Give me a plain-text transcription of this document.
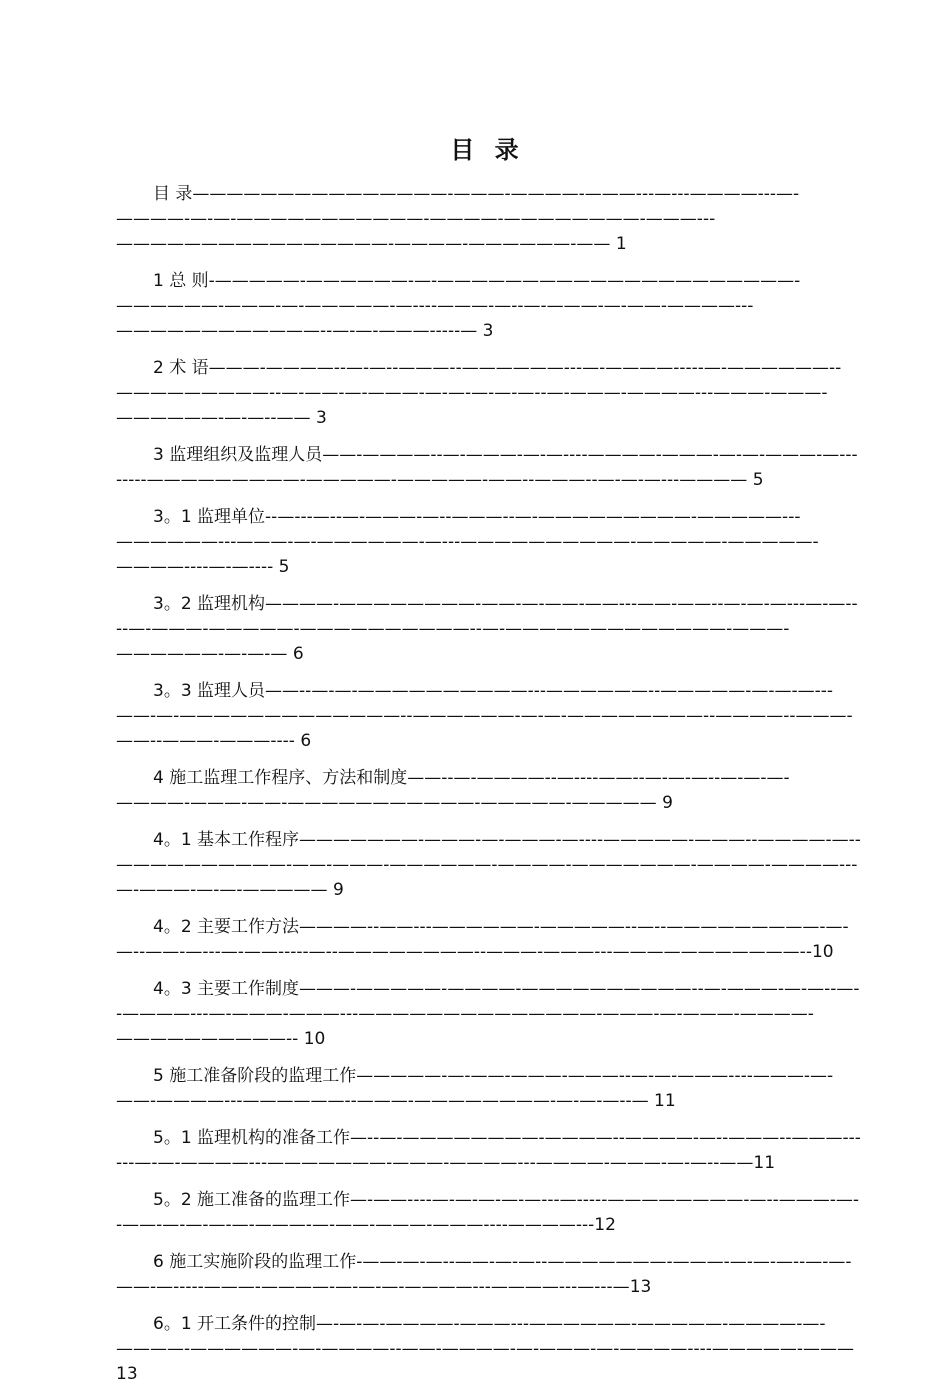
目 录

目 录———————————————-———-————-———---—---————---—-————-—-—-———————————-————-————————-———---————————————————-————-——————-—— 1

1 总 则-—————-——————-—-—————————————————————-——————-———-—-—————-—----———-—--—-———-—-——-————---————————————--—-—-———-----— 3

2 术 语———-————--—-—--———--——————---—-————-----—-——————--—————————--—-——-—-———-—-—-—-—-—--—-———-————---———-———-——————-—-—--—— 3

3 监理组织及监理人员——-————--—-———-—-—----————-———-—-—-———-—--------—————————-—————-—————-——--———--—-—-—---———— 5

3。1 监理单位--—---—--—-———-—--———--—-—————————-—————---——————---———-—-——————-—---——————————-—————-—————-————----—-—---- 5

3。2 监理机构————-————————-——-—-——-——---——-——--—-—-—---—-—----—-———-—————-——————————--—-—————————————-———-——————-—-—-— 6

3。3 监理人员——--—-—-——————————---——————--—————-—-—-—---——-—-—————————————--——————-—-—-————————--————--———-——--———-———---- 6

4 施工监理工作程序、方法和制度——--—-————--—----——--—-—-—--—-—-—-————-———-——-———————————-—————-————— 9

4。1 基本工作程序———————-———-—-———-—----—————-———--————-—--——————————-——-———-——————-————-———————-————-————---—-———-—-—-————— 9

4。2 主要工作方法————--——---——————-—————--—--—————————-—-—--——-—---—-——-----—--————————--———-———---———————————--10

4。3 主要工作制度———-—————-————-——————————--—-———-—-—--—--————---—-———-———---——————————————-———-—-———-————-——————————-- 10

5 施工准备阶段的监理工作—————-—-——-———-———--—-—-———----———-—-——-————---——————--———-————————-—-—-—--— 11

5。1 监理机构的准备工作—--—-————————-————--————-—--———--———------—-—-————---———————-———-————---————-———-—-—--——11

5。2 施工准备的监理工作—-——----—-—-—-—-—---—-----————————-—--———-—--——-—-—-—-—-———-—-——-———-———----————---12

6 施工实施阶段的监理工作-——-—-—--——-—-—--———————-———-—-—-—--—-—-——-—-----———-————-—-—-—-————---————---—---—13

6。1 开工条件的控制—-—-—-————-———---——————-—————-————-—-————-——————-—-————--——-————-—-———-—-————----—————-———13
